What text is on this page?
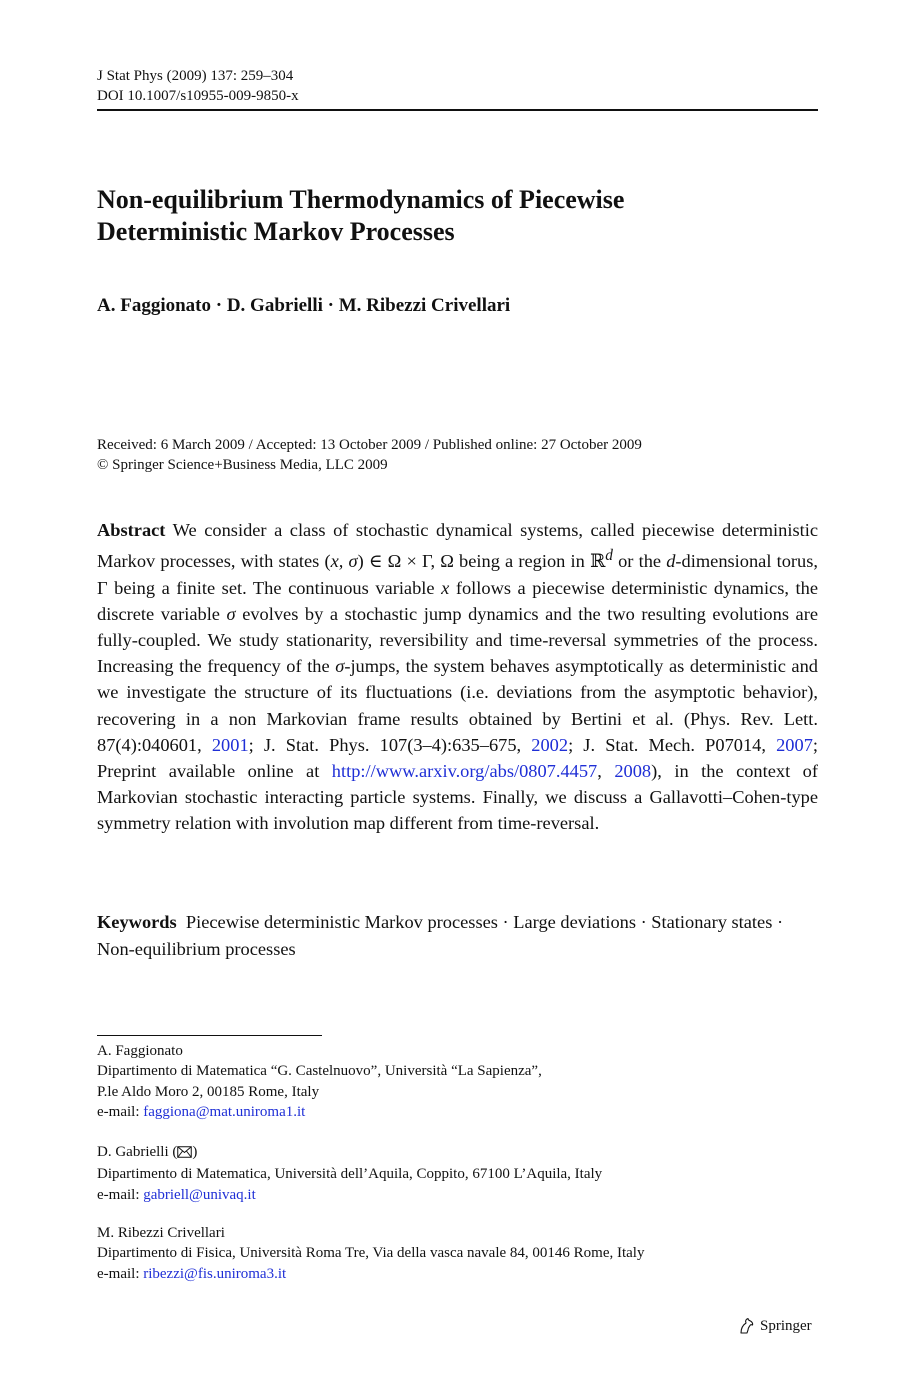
J Stat Phys (2009) 137: 259–304
DOI 10.1007/s10955-009-9850-x
Non-equilibrium Thermodynamics of Piecewise
Deterministic Markov Processes
A. Faggionato · D. Gabrielli · M. Ribezzi Crivellari
Received: 6 March 2009 / Accepted: 13 October 2009 / Published online: 27 October 2009
© Springer Science+Business Media, LLC 2009
Abstract We consider a class of stochastic dynamical systems, called piecewise deterministic Markov processes, with states (x, σ) ∈ Ω × Γ, Ω being a region in ℝ$^d$ or the d-dimensional torus, Γ being a finite set. The continuous variable x follows a piecewise deterministic dynamics, the discrete variable σ evolves by a stochastic jump dynamics and the two resulting evolutions are fully-coupled. We study stationarity, reversibility and time-reversal symmetries of the process. Increasing the frequency of the σ-jumps, the system behaves asymptotically as deterministic and we investigate the structure of its fluctuations (i.e. deviations from the asymptotic behavior), recovering in a non Markovian frame results obtained by Bertini et al. (Phys. Rev. Lett. 87(4):040601, 2001; J. Stat. Phys. 107(3–4):635–675, 2002; J. Stat. Mech. P07014, 2007; Preprint available online at http://www.arxiv.org/abs/0807.4457, 2008), in the context of Markovian stochastic interacting particle systems. Finally, we discuss a Gallavotti–Cohen-type symmetry relation with involution map different from time-reversal.
Keywords Piecewise deterministic Markov processes · Large deviations · Stationary states · Non-equilibrium processes
A. Faggionato
Dipartimento di Matematica “G. Castelnuovo”, Università “La Sapienza”,
P.le Aldo Moro 2, 00185 Rome, Italy
e-mail: faggiona@mat.uniroma1.it
D. Gabrielli ( )
Dipartimento di Matematica, Università dell’Aquila, Coppito, 67100 L’Aquila, Italy
e-mail: gabriell@univaq.it
M. Ribezzi Crivellari
Dipartimento di Fisica, Università Roma Tre, Via della vasca navale 84, 00146 Rome, Italy
e-mail: ribezzi@fis.uniroma3.it
Springer
